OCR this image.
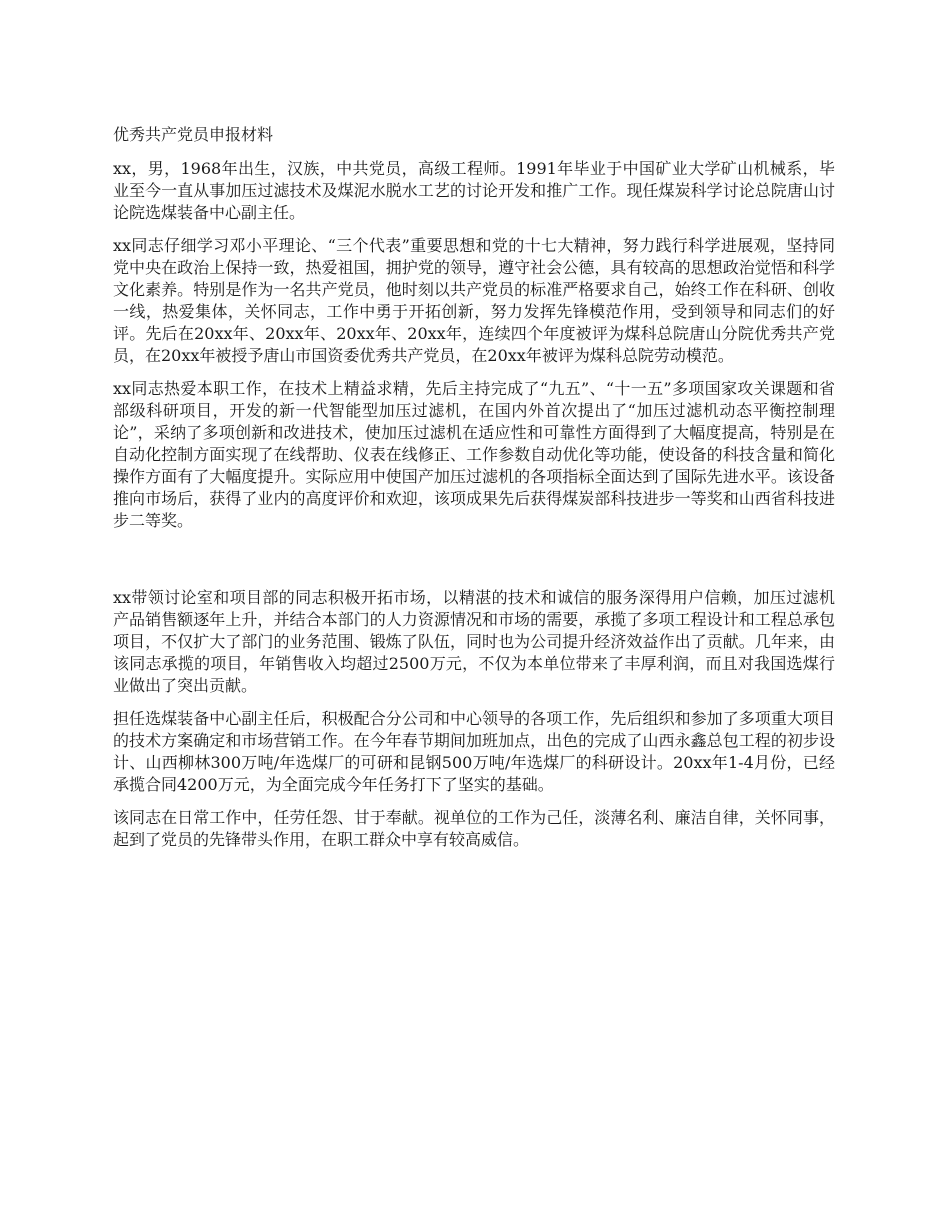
优秀共产党员申报材料

xx，男，1968年出生，汉族，中共党员，高级工程师。1991年毕业于中国矿业大学矿山机械系，毕业至今一直从事加压过滤技术及煤泥水脱水工艺的讨论开发和推广工作。现任煤炭科学讨论总院唐山讨论院选煤装备中心副主任。

xx同志仔细学习邓小平理论、“三个代表”重要思想和党的十七大精神，努力践行科学进展观，坚持同党中央在政治上保持一致，热爱祖国，拥护党的领导，遵守社会公德，具有较高的思想政治觉悟和科学文化素养。特别是作为一名共产党员，他时刻以共产党员的标准严格要求自己，始终工作在科研、创收一线，热爱集体，关怀同志，工作中勇于开拓创新，努力发挥先锋模范作用，受到领导和同志们的好评。先后在20xx年、20xx年、20xx年、20xx年，连续四个年度被评为煤科总院唐山分院优秀共产党员，在20xx年被授予唐山市国资委优秀共产党员，在20xx年被评为煤科总院劳动模范。

xx同志热爱本职工作，在技术上精益求精，先后主持完成了“九五”、“十一五”多项国家攻关课题和省部级科研项目，开发的新一代智能型加压过滤机，在国内外首次提出了“加压过滤机动态平衡控制理论”，采纳了多项创新和改进技术，使加压过滤机在适应性和可靠性方面得到了大幅度提高，特别是在自动化控制方面实现了在线帮助、仪表在线修正、工作参数自动优化等功能，使设备的科技含量和简化操作方面有了大幅度提升。实际应用中使国产加压过滤机的各项指标全面达到了国际先进水平。该设备推向市场后，获得了业内的高度评价和欢迎，该项成果先后获得煤炭部科技进步一等奖和山西省科技进步二等奖。

xx带领讨论室和项目部的同志积极开拓市场，以精湛的技术和诚信的服务深得用户信赖，加压过滤机产品销售额逐年上升，并结合本部门的人力资源情况和市场的需要，承揽了多项工程设计和工程总承包项目，不仅扩大了部门的业务范围、锻炼了队伍，同时也为公司提升经济效益作出了贡献。几年来，由该同志承揽的项目，年销售收入均超过2500万元，不仅为本单位带来了丰厚利润，而且对我国选煤行业做出了突出贡献。

担任选煤装备中心副主任后，积极配合分公司和中心领导的各项工作，先后组织和参加了多项重大项目的技术方案确定和市场营销工作。在今年春节期间加班加点，出色的完成了山西永鑫总包工程的初步设计、山西柳林300万吨/年选煤厂的可研和昆钢500万吨/年选煤厂的科研设计。20xx年1-4月份，已经承揽合同4200万元，为全面完成今年任务打下了坚实的基础。

该同志在日常工作中，任劳任怨、甘于奉献。视单位的工作为己任，淡薄名利、廉洁自律，关怀同事，起到了党员的先锋带头作用，在职工群众中享有较高威信。
